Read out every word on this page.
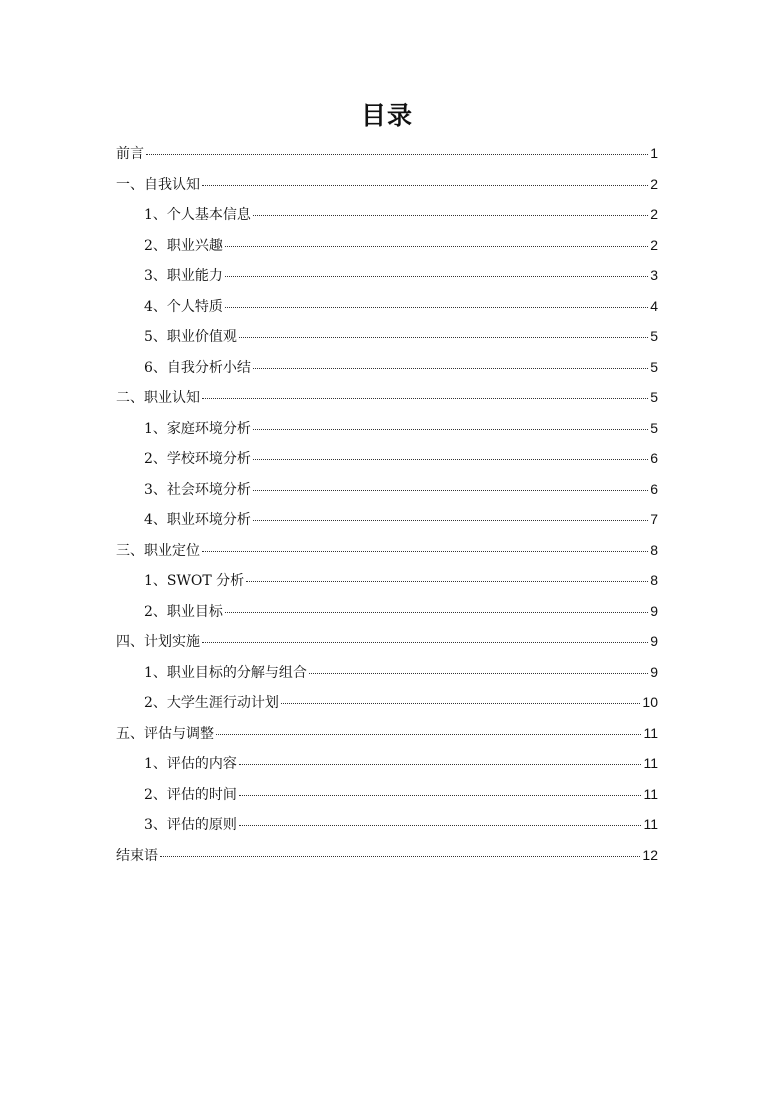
目录
前言	1
一、自我认知	2
1、个人基本信息	2
2、职业兴趣	2
3、职业能力	3
4、个人特质	4
5、职业价值观	5
6、自我分析小结	5
二、职业认知	5
1、家庭环境分析	5
2、学校环境分析	6
3、社会环境分析	6
4、职业环境分析	7
三、职业定位	8
1、SWOT 分析	8
2、职业目标	9
四、计划实施	9
1、职业目标的分解与组合	9
2、大学生涯行动计划	10
五、评估与调整	11
1、评估的内容	11
2、评估的时间	11
3、评估的原则	11
结束语	12
